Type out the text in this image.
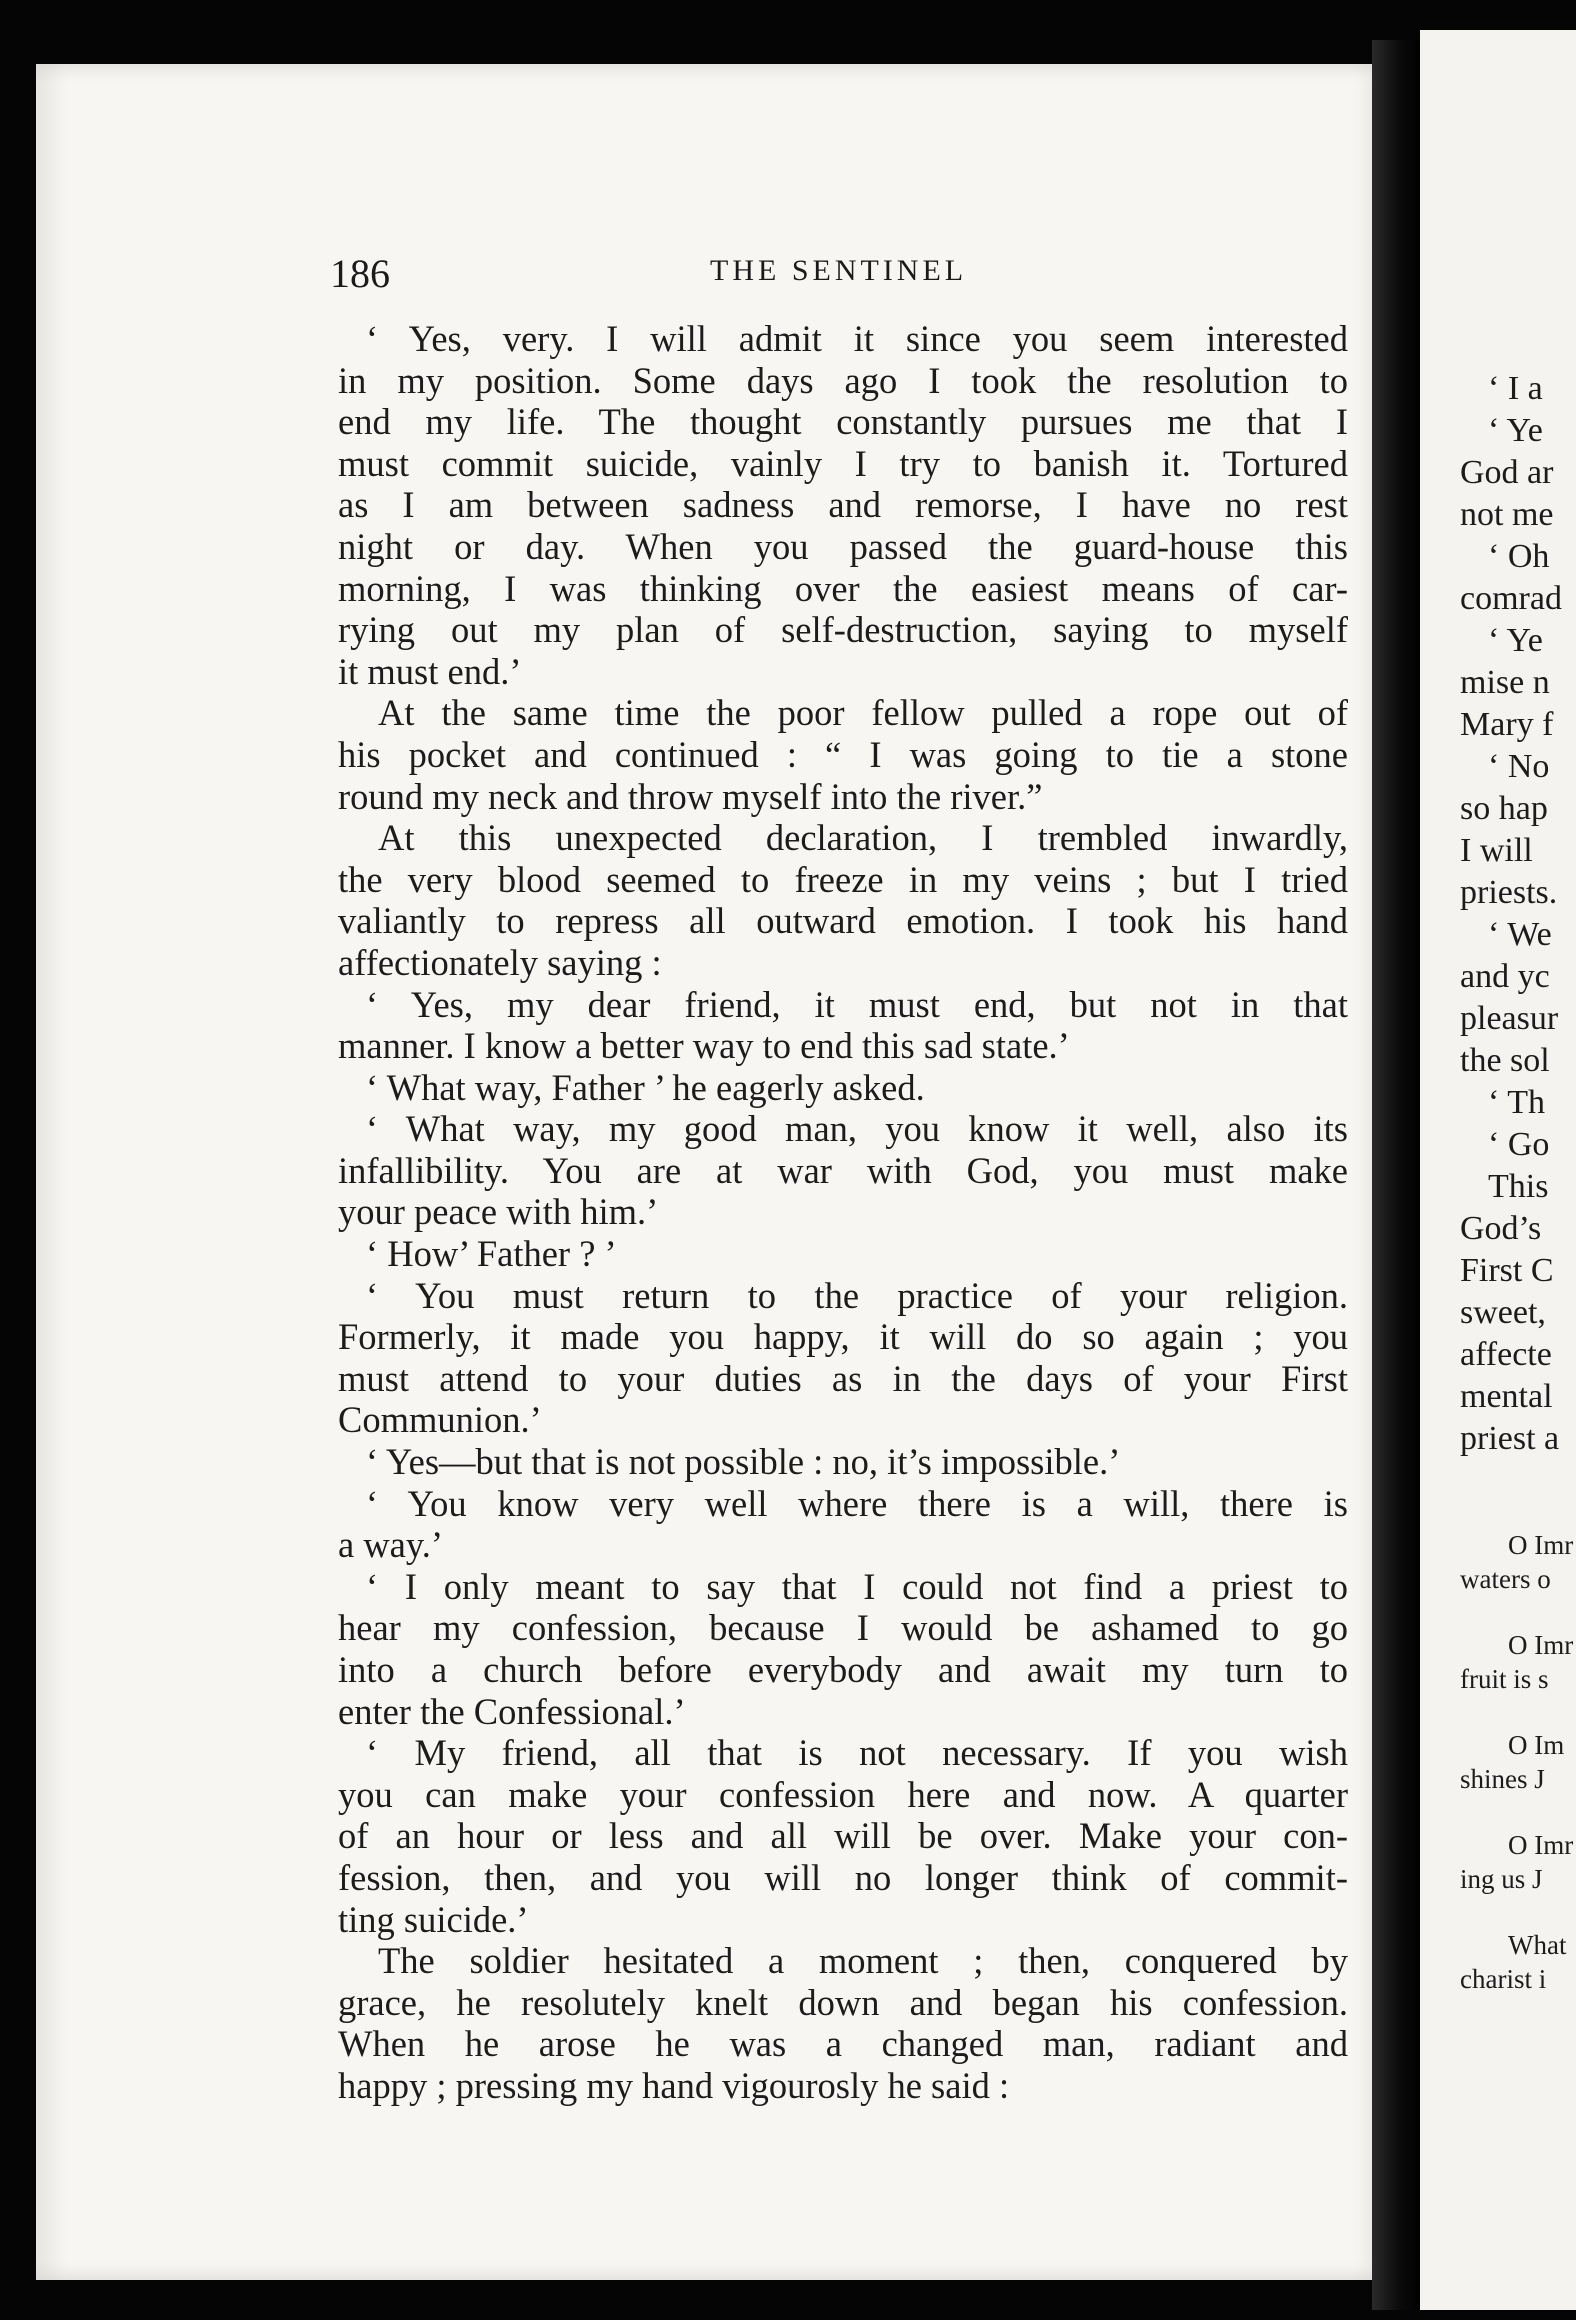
186	THE SENTINEL
‘ Yes, very. I will admit it since you seem interested
in my position. Some days ago I took the resolution to
end my life. The thought constantly pursues me that I
must commit suicide, vainly I try to banish it. Tortured
as I am between sadness and remorse, I have no rest
night or day. When you passed the guard-house this
morning, I was thinking over the easiest means of car-
rying out my plan of self-destruction, saying to myself
it must end.’
At the same time the poor fellow pulled a rope out of
his pocket and continued : “ I was going to tie a stone
round my neck and throw myself into the river.”
At this unexpected declaration, I trembled inwardly,
the very blood seemed to freeze in my veins ; but I tried
valiantly to repress all outward emotion. I took his hand
affectionately saying :
‘ Yes, my dear friend, it must end, but not in that
manner. I know a better way to end this sad state.’
‘ What way, Father ’ he eagerly asked.
‘ What way, my good man, you know it well, also its
infallibility. You are at war with God, you must make
your peace with him.’
‘ How’ Father ? ’
‘ You must return to the practice of your religion.
Formerly, it made you happy, it will do so again ; you
must attend to your duties as in the days of your First
Communion.’
‘ Yes—but that is not possible : no, it’s impossible.’
‘ You know very well where there is a will, there is
a way.’
‘ I only meant to say that I could not find a priest to
hear my confession, because I would be ashamed to go
into a church before everybody and await my turn to
enter the Confessional.’
‘ My friend, all that is not necessary. If you wish
you can make your confession here and now. A quarter
of an hour or less and all will be over. Make your con-
fession, then, and you will no longer think of commit-
ting suicide.’
The soldier hesitated a moment ; then, conquered by
grace, he resolutely knelt down and began his confession.
When he arose he was a changed man, radiant and
happy ; pressing my hand vigourosly he said :
‘ I a
‘ Ye
God ar
not me
‘ Oh
comrad
‘ Ye
mise n
Mary f
‘ No
so hap
I will
priests.
‘ We
and yc
pleasur
the sol
‘ Th
‘ Go
This
God’s
First C
sweet,
affecte
mental
priest a
O Imr
waters o
O Imr
fruit is s
O Im
shines J
O Imr
ing us J
What
charist i
